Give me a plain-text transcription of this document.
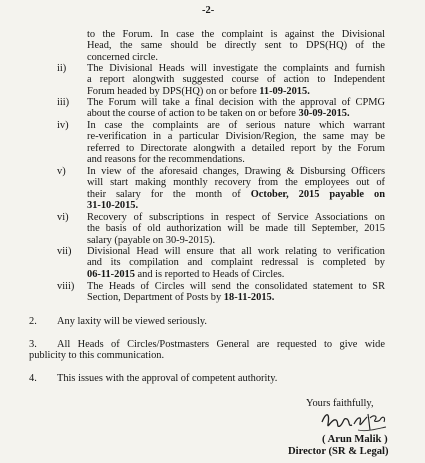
-2-
to the Forum. In case the complaint is against the Divisional
Head, the same should be directly sent to DPS(HQ) of the
concerned circle.
ii) The Divisional Heads will investigate the complaints and furnish
a report alongwith suggested course of action to Independent
Forum headed by DPS(HQ) on or before 11-09-2015.
iii) The Forum will take a final decision with the approval of CPMG
about the course of action to be taken on or before 30-09-2015.
iv) In case the complaints are of serious nature which warrant
re-verification in a particular Division/Region, the same may be
referred to Directorate alongwith a detailed report by the Forum
and reasons for the recommendations.
v) In view of the aforesaid changes, Drawing & Disbursing Officers
will start making monthly recovery from the employees out of
their salary for the month of October, 2015 payable on
31-10-2015.
vi) Recovery of subscriptions in respect of Service Associations on
the basis of old authorization will be made till September, 2015
salary (payable on 30-9-2015).
vii) Divisional Head will ensure that all work relating to verification
and its compilation and complaint redressal is completed by
06-11-2015 and is reported to Heads of Circles.
viii) The Heads of Circles will send the consolidated statement to SR
Section, Department of Posts by 18-11-2015.
2. Any laxity will be viewed seriously.
3.	All Heads of Circles/Postmasters General are requested to give wide
publicity to this communication.
4. This issues with the approval of competent authority.
Yours faithfully,
( Arun Malik )
Director (SR & Legal)
